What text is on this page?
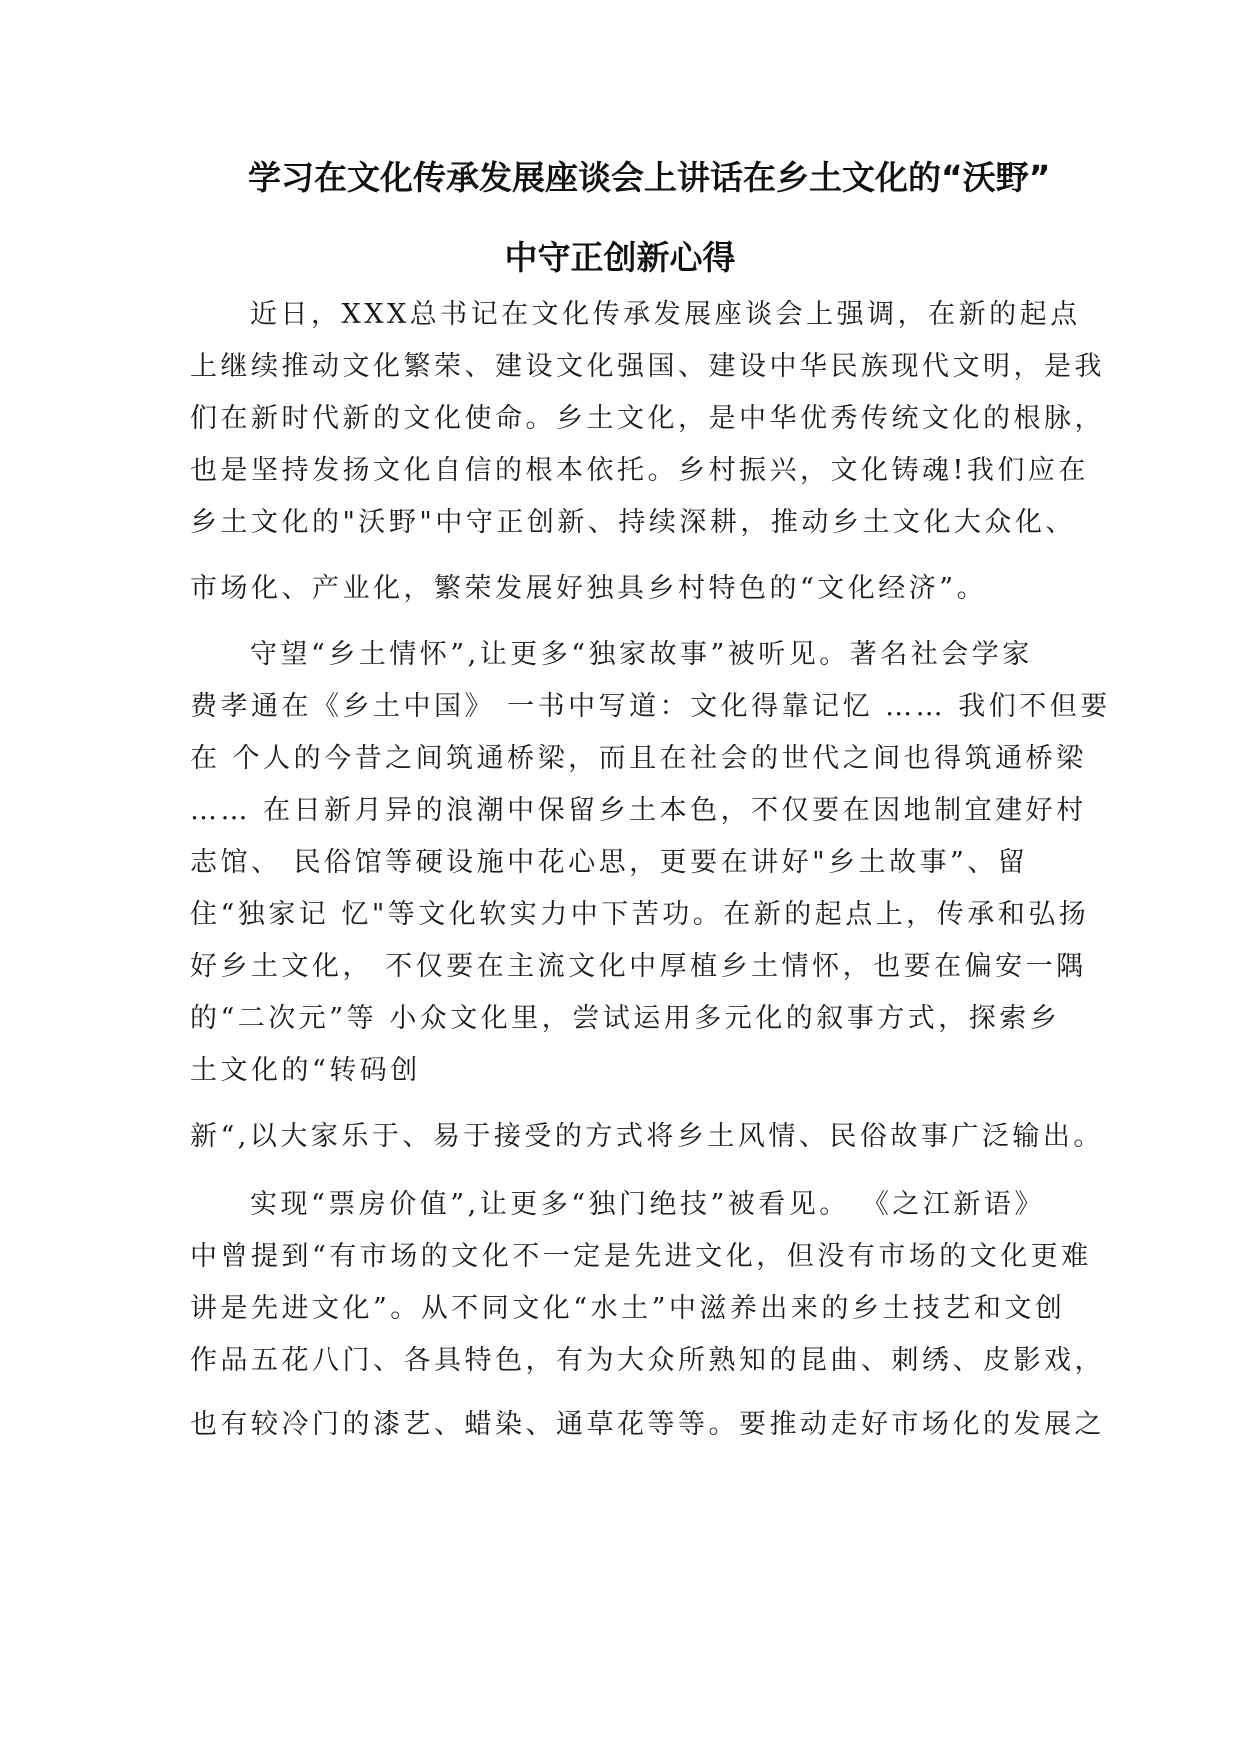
学习在文化传承发展座谈会上讲话在乡土文化的“沃野”
中守正创新心得

近日，XXX总书记在文化传承发展座谈会上强调，在新的起点

上继续推动文化繁荣、建设文化强国、建设中华民族现代文明，是我

们在新时代新的文化使命。乡土文化，是中华优秀传统文化的根脉，

也是坚持发扬文化自信的根本依托。乡村振兴，文化铸魂!我们应在

乡土文化的"沃野"中守正创新、持续深耕，推动乡土文化大众化、

市场化、产业化，繁荣发展好独具乡村特色的“文化经济”。

守望“乡土情怀”,让更多“独家故事”被听见。著名社会学家

费孝通在《乡土中国》 一书中写道：文化得靠记忆 …… 我们不但要

在 个人的今昔之间筑通桥梁，而且在社会的世代之间也得筑通桥梁

…… 在日新月异的浪潮中保留乡土本色，不仅要在因地制宜建好村

志馆、 民俗馆等硬设施中花心思，更要在讲好"乡土故事”、留

住“独家记 忆"等文化软实力中下苦功。在新的起点上，传承和弘扬

好乡土文化， 不仅要在主流文化中厚植乡土情怀，也要在偏安一隅

的“二次元”等 小众文化里，尝试运用多元化的叙事方式，探索乡

土文化的“转码创

新“,以大家乐于、易于接受的方式将乡土风情、民俗故事广泛输出。

实现“票房价值”,让更多“独门绝技”被看见。 《之江新语》

中曾提到“有市场的文化不一定是先进文化，但没有市场的文化更难

讲是先进文化”。从不同文化“水土”中滋养出来的乡土技艺和文创

作品五花八门、各具特色，有为大众所熟知的昆曲、刺绣、皮影戏，

也有较冷门的漆艺、蜡染、通草花等等。要推动走好市场化的发展之
